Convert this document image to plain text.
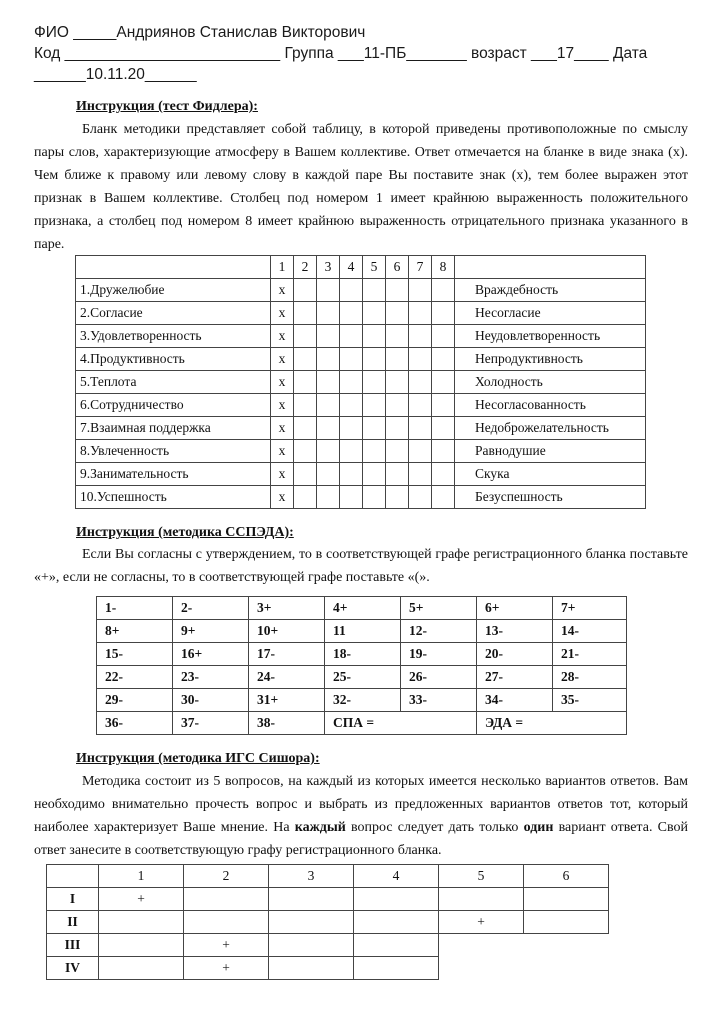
ФИО _____Андриянов Станислав Викторович
Код _________________________ Группа ___11-ПБ_______ возраст ___17____ Дата
______10.11.20______
Инструкция (тест Фидлера):
Бланк методики представляет собой таблицу, в которой приведены противоположные по смыслу пары слов, характеризующие атмосферу в Вашем коллективе. Ответ отмечается на бланке в виде знака (х). Чем ближе к правому или левому слову в каждой паре Вы поставите знак (х), тем более выражен этот признак в Вашем коллективе. Столбец под номером 1 имеет крайнюю выраженность положительного признака, а столбец под номером 8 имеет крайнюю выраженность отрицательного признака указанного в паре.
	1	2	3	4	5	6	7	8	
1.Дружелюбие	х								Враждебность
2.Согласие	х								Несогласие
3.Удовлетворенность	х								Неудовлетворенность
4.Продуктивность	х								Непродуктивность
5.Теплота	х								Холодность
6.Сотрудничество	х								Несогласованность
7.Взаимная поддержка	х								Недоброжелательность
8.Увлеченность	х								Равнодушие
9.Занимательность	х								Скука
10.Успешность	х								Безуспешность
Инструкция (методика ССПЭДА):
Если Вы согласны с утверждением, то в соответствующей графе регистрационного бланка поставьте «+», если не согласны, то в соответствующей графе поставьте «(».
1-	2-	3+	4+	5+	6+	7+
8+	9+	10+	11	12-	13-	14-
15-	16+	17-	18-	19-	20-	21-
22-	23-	24-	25-	26-	27-	28-
29-	30-	31+	32-	33-	34-	35-
36-	37-	38-	СПА =		ЭДА =	
Инструкция (методика ИГС Сишора):
Методика состоит из 5 вопросов, на каждый из которых имеется несколько вариантов ответов. Вам необходимо внимательно прочесть вопрос и выбрать из предложенных вариантов ответов тот, который наиболее характеризует Ваше мнение. На каждый вопрос следует дать только один вариант ответа. Свой ответ занесите в соответствующую графу регистрационного бланка.
	1	2	3	4	5	6
I	+					
II					+	
III		+				
IV		+				
